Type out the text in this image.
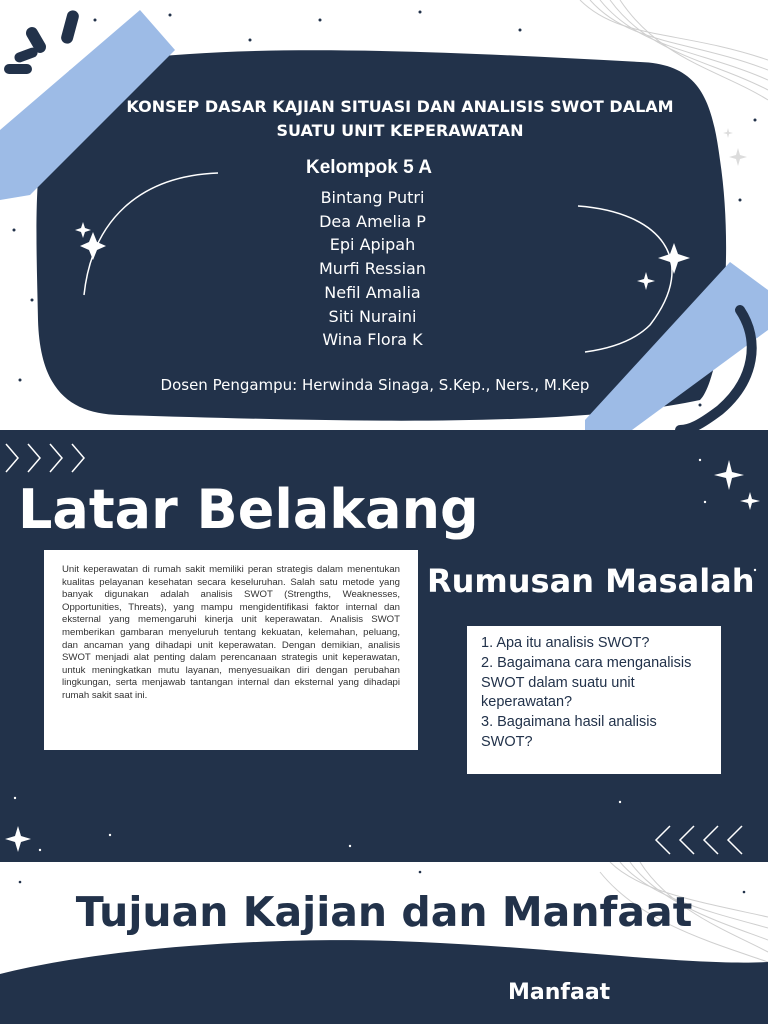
KONSEP DASAR KAJIAN SITUASI DAN ANALISIS SWOT DALAM SUATU UNIT KEPERAWATAN
Kelompok 5 A
Bintang Putri
Dea Amelia P
Epi Apipah
Murfi Ressian
Nefil Amalia
Siti Nuraini
Wina Flora K
Dosen Pengampu: Herwinda Sinaga, S.Kep., Ners., M.Kep
Latar Belakang

Unit keperawatan di rumah sakit memiliki peran strategis dalam menentukan kualitas pelayanan kesehatan secara keseluruhan. Salah satu metode yang banyak digunakan adalah analisis SWOT (Strengths, Weaknesses, Opportunities, Threats), yang mampu mengidentifikasi faktor internal dan eksternal yang memengaruhi kinerja unit keperawatan. Analisis SWOT memberikan gambaran menyeluruh tentang kekuatan, kelemahan, peluang, dan ancaman yang dihadapi unit keperawatan. Dengan demikian, analisis SWOT menjadi alat penting dalam perencanaan strategis unit keperawatan, untuk meningkatkan mutu layanan, menyesuaikan diri dengan perubahan lingkungan, serta menjawab tantangan internal dan eksternal yang dihadapi rumah sakit saat ini.

Rumusan Masalah
1. Apa itu analisis SWOT?
2. Bagaimana cara menganalisis SWOT dalam suatu unit keperawatan?
3. Bagaimana hasil analisis SWOT?
Tujuan Kajian dan Manfaat
Manfaat
